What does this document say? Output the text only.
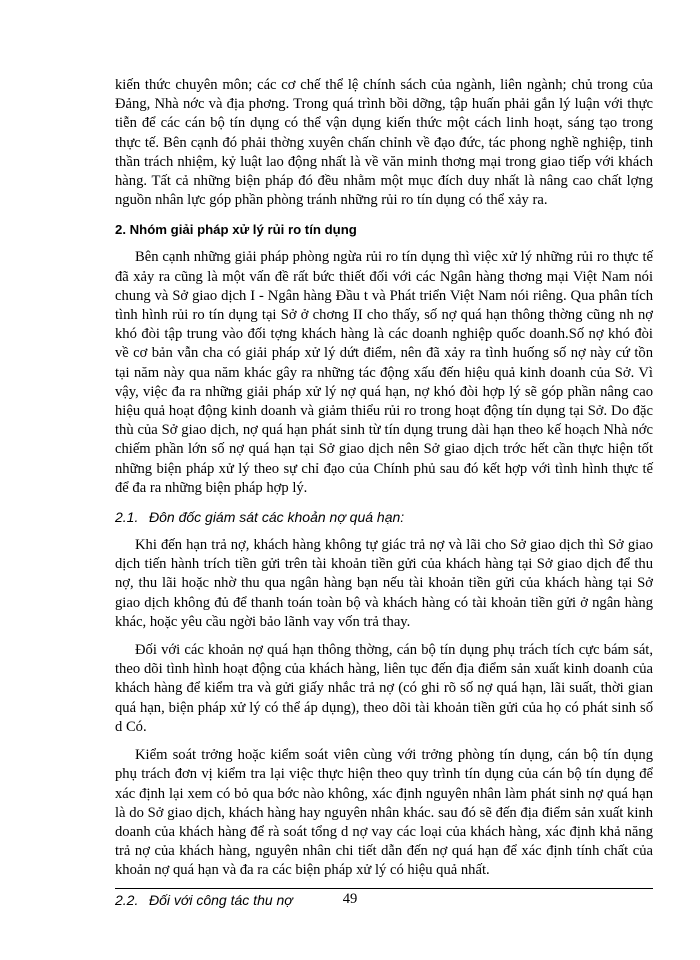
kiến thức chuyên môn; các cơ chế thể lệ chính sách của ngành, liên ngành; chủ trong của Đảng, Nhà nớc và địa phơng. Trong quá trình bồi dỡng, tập huấn phải gắn lý luận với thực tiễn để các cán bộ tín dụng có thể vận dụng kiến thức một cách linh hoạt, sáng tạo trong thực tế. Bên cạnh đó phải thờng xuyên chấn chỉnh về đạo đức, tác phong nghề nghiệp, tinh thần trách nhiệm, kỷ luật lao động nhất là về văn minh thơng mại trong giao tiếp với khách hàng. Tất cả những biện pháp đó đều nhằm một mục đích duy nhất là nâng cao chất lợng nguồn nhân lực góp phần phòng tránh những rủi ro tín dụng có thể xảy ra.

2. Nhóm giải pháp xử lý rủi ro tín dụng

Bên cạnh những giải pháp phòng ngừa rủi ro tín dụng thì việc xử lý những rủi ro thực tế đã xảy ra cũng là một vấn đề rất bức thiết đối với các Ngân hàng thơng mại Việt Nam nói chung và Sở giao dịch I - Ngân hàng Đầu t và Phát triển Việt Nam nói riêng. Qua phân tích tình hình rủi ro tín dụng tại Sở ở chơng II cho thấy, số nợ quá hạn thông thờng cũng nh nợ khó đòi tập trung vào đối tợng khách hàng là các doanh nghiệp quốc doanh.Số nợ khó đòi về cơ bản vẫn cha có giải pháp xử lý dứt điểm, nên đã xảy ra tình huống số nợ này cứ tồn tại năm này qua năm khác gây ra những tác động xấu đến hiệu quả kinh doanh của Sở. Vì vậy, việc đa ra những giải pháp xử lý nợ quá hạn, nợ khó đòi hợp lý sẽ góp phần nâng cao hiệu quả hoạt động kinh doanh và giảm thiểu rủi ro trong hoạt động tín dụng tại Sở. Do đặc thù của Sở giao dịch, nợ quá hạn phát sinh từ tín dụng trung dài hạn theo kế hoạch Nhà nớc chiếm phần lớn số nợ quá hạn tại Sở giao dịch nên Sở giao dịch trớc hết cần thực hiện tốt những biện pháp xử lý theo sự chỉ đạo của Chính phủ sau đó kết hợp với tình hình thực tế để đa ra những biện pháp hợp lý.

2.1. Đôn đốc giám sát các khoản nợ quá hạn:

Khi đến hạn trả nợ, khách hàng không tự giác trả nợ và lãi cho Sở giao dịch thì Sở giao dịch tiến hành trích tiền gửi trên tài khoản tiền gửi của khách hàng tại Sở giao dịch để thu nợ, thu lãi hoặc nhờ thu qua ngân hàng bạn nếu tài khoản tiền gửi của khách hàng tại Sở giao dịch không đủ để thanh toán toàn bộ và khách hàng có tài khoản tiền gửi ở ngân hàng khác, hoặc yêu cầu ngời bảo lãnh vay vốn trả thay.

Đối với các khoản nợ quá hạn thông thờng, cán bộ tín dụng phụ trách tích cực bám sát, theo dõi tình hình hoạt động của khách hàng, liên tục đến địa điểm sản xuất kinh doanh của khách hàng để kiểm tra và gửi giấy nhắc trả nợ (có ghi rõ số nợ quá hạn, lãi suất, thời gian quá hạn, biện pháp xử lý có thể áp dụng), theo dõi tài khoản tiền gửi của họ có phát sinh số d Có.

Kiểm soát trởng hoặc kiểm soát viên cùng với trởng phòng tín dụng, cán bộ tín dụng phụ trách đơn vị kiểm tra lại việc thực hiện theo quy trình tín dụng của cán bộ tín dụng để xác định lại xem có bỏ qua bớc nào không, xác định nguyên nhân làm phát sinh nợ quá hạn là do Sở giao dịch, khách hàng hay nguyên nhân khác. sau đó sẽ đến địa điểm sản xuất kinh doanh của khách hàng để rà soát tổng d nợ vay các loại của khách hàng, xác định khả năng trả nợ của khách hàng, nguyên nhân chi tiết dẫn đến nợ quá hạn để xác định tính chất của khoản nợ quá hạn và đa ra các biện pháp xử lý có hiệu quả nhất.

2.2. Đối với công tác thu nợ	49
